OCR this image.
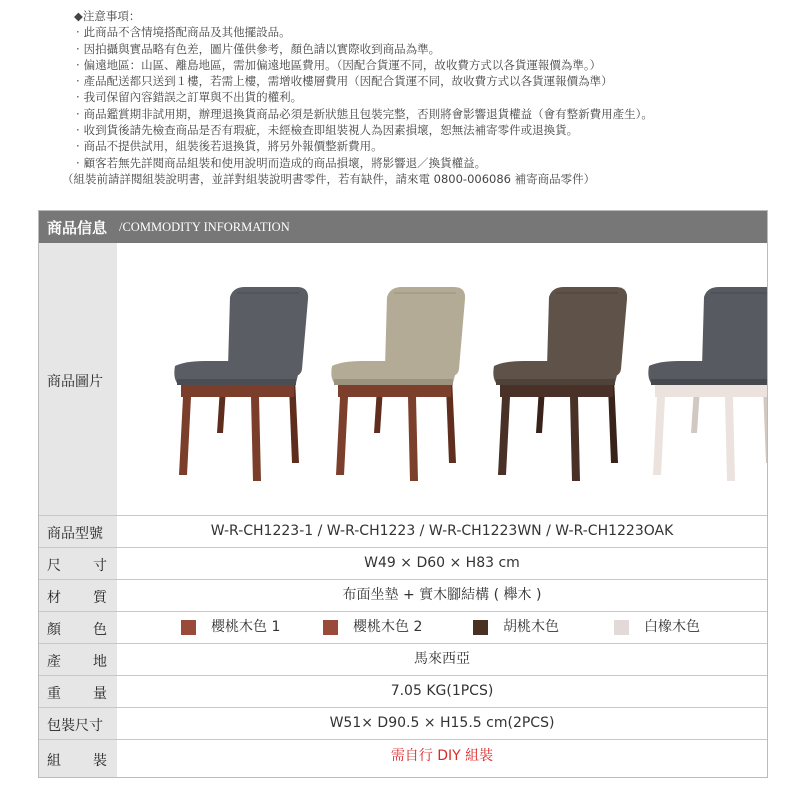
◆注意事項：
· 此商品不含情境搭配商品及其他擺設品。
· 因拍攝與實品略有色差，圖片僅供參考，顏色請以實際收到商品為準。
· 偏遠地區：山區、離島地區，需加偏遠地區費用。（因配合貨運不同，故收費方式以各貨運報價為準。）
· 產品配送都只送到１樓，若需上樓，需增收樓層費用（因配合貨運不同，故收費方式以各貨運報價為準）
· 我司保留內容錯誤之訂單與不出貨的權利。
· 商品鑑賞期非試用期，辦理退換貨商品必須是新狀態且包裝完整，否則將會影響退貨權益（會有整新費用產生）。
· 收到貨後請先檢查商品是否有瑕疵，未經檢查即組裝視人為因素損壞，恕無法補寄零件或退換貨。
· 商品不提供試用，組裝後若退換貨，將另外報價整新費用。
· 顧客若無先詳閱商品組裝和使用說明而造成的商品損壞，將影響退／換貨權益。
（組裝前請詳閱組裝說明書，並詳對組裝說明書零件，若有缺件，請來電 0800-006086 補寄商品零件）
商品信息 /COMMODITY INFORMATION
商品圖片
商品型號	W-R-CH1223-1 / W-R-CH1223 / W-R-CH1223WN / W-R-CH1223OAK
尺 寸	W49 × D60 × H83 cm
材 質	布面坐墊 + 實木腳結構 ( 櫸木 )
顏 色	櫻桃木色 1	櫻桃木色 2	胡桃木色	白橡木色
產 地	馬來西亞
重 量	7.05 KG(1PCS)
包裝尺寸	W51× D90.5 × H15.5 cm(2PCS)
組 裝	需自行 DIY 組裝
